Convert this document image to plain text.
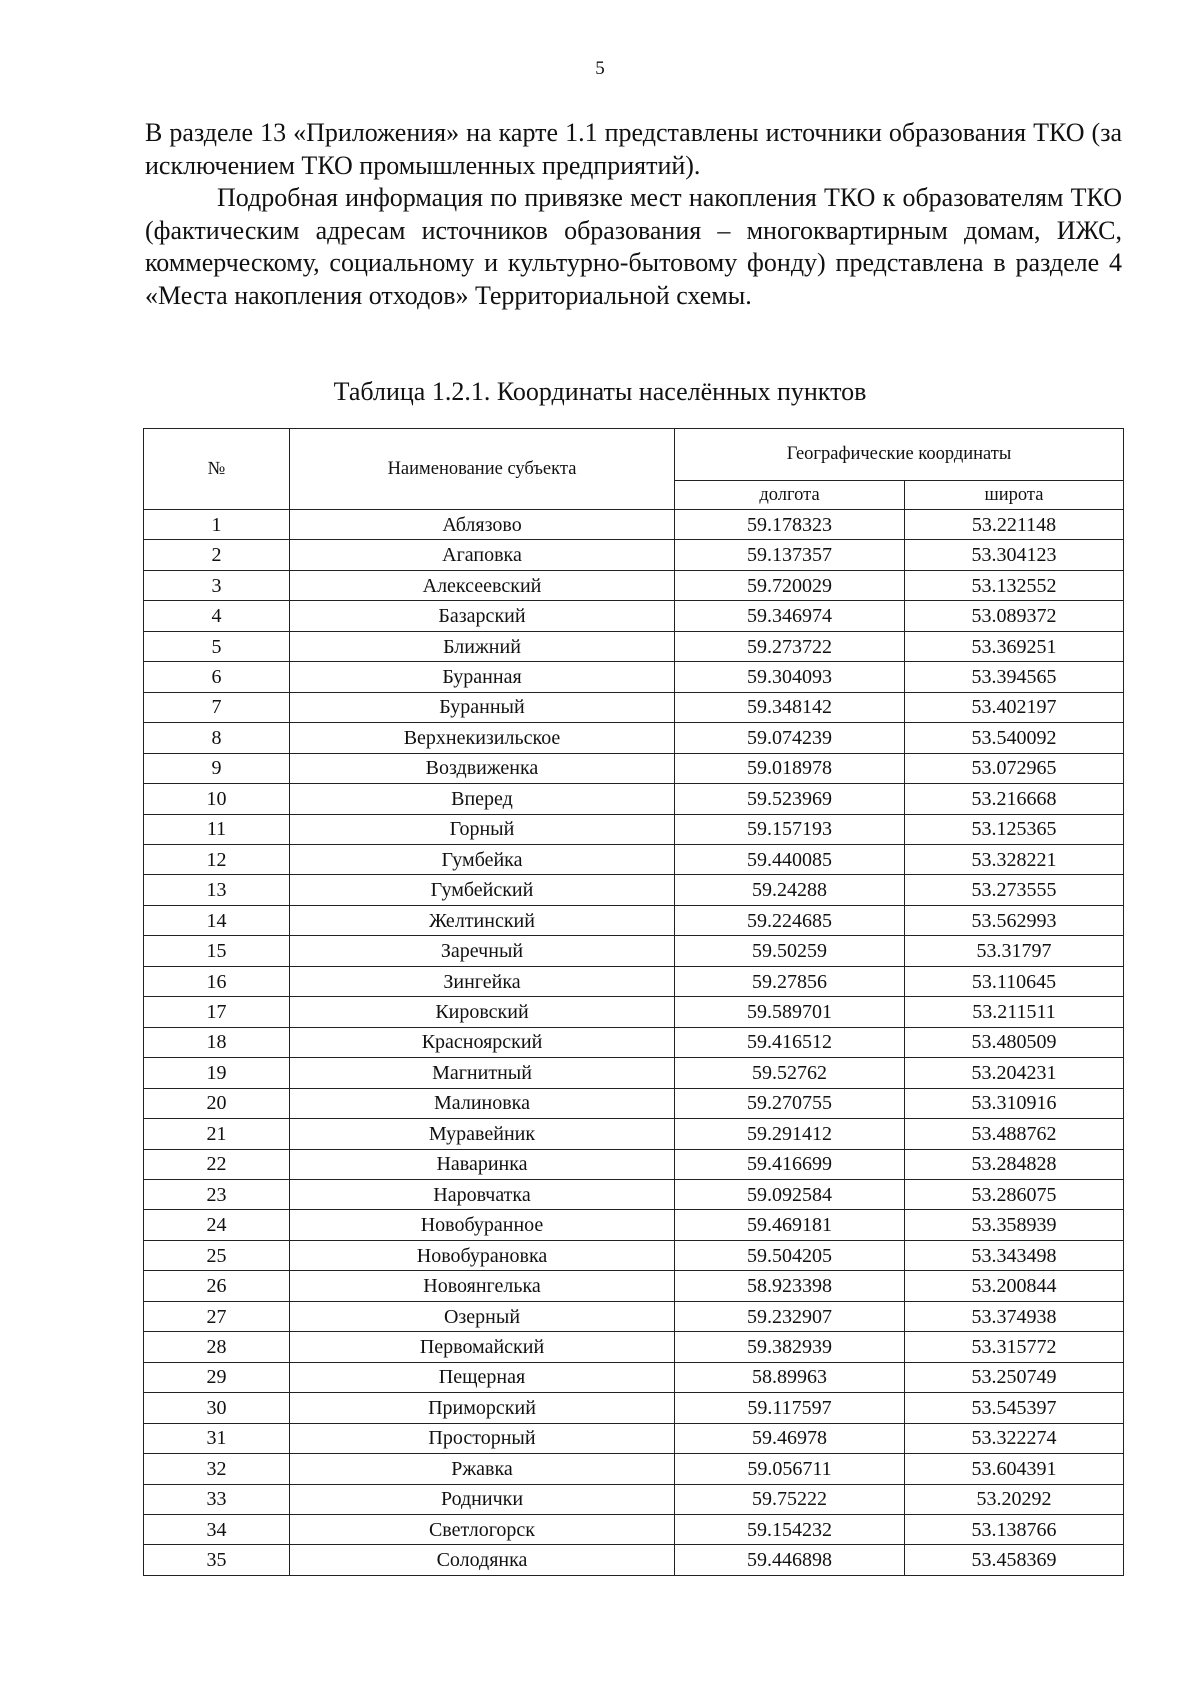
5

В разделе 13 «Приложения» на карте 1.1 представлены источники образования ТКО (за исключением ТКО промышленных предприятий).

Подробная информация по привязке мест накопления ТКО к образователям ТКО (фактическим адресам источников образования – многоквартирным домам, ИЖС, коммерческому, социальному и культурно-бытовому фонду) представлена в разделе 4 «Места накопления отходов» Территориальной схемы.

Таблица 1.2.1. Координаты населённых пунктов
№	Наименование субъекта	Географические координаты	
		долгота	широта
1	Аблязово	59.178323	53.221148
2	Агаповка	59.137357	53.304123
3	Алексеевский	59.720029	53.132552
4	Базарский	59.346974	53.089372
5	Ближний	59.273722	53.369251
6	Буранная	59.304093	53.394565
7	Буранный	59.348142	53.402197
8	Верхнекизильское	59.074239	53.540092
9	Воздвиженка	59.018978	53.072965
10	Вперед	59.523969	53.216668
11	Горный	59.157193	53.125365
12	Гумбейка	59.440085	53.328221
13	Гумбейский	59.24288	53.273555
14	Желтинский	59.224685	53.562993
15	Заречный	59.50259	53.31797
16	Зингейка	59.27856	53.110645
17	Кировский	59.589701	53.211511
18	Красноярский	59.416512	53.480509
19	Магнитный	59.52762	53.204231
20	Малиновка	59.270755	53.310916
21	Муравейник	59.291412	53.488762
22	Наваринка	59.416699	53.284828
23	Наровчатка	59.092584	53.286075
24	Новобуранное	59.469181	53.358939
25	Новобурановка	59.504205	53.343498
26	Новоянгелька	58.923398	53.200844
27	Озерный	59.232907	53.374938
28	Первомайский	59.382939	53.315772
29	Пещерная	58.89963	53.250749
30	Приморский	59.117597	53.545397
31	Просторный	59.46978	53.322274
32	Ржавка	59.056711	53.604391
33	Роднички	59.75222	53.20292
34	Светлогорск	59.154232	53.138766
35	Солодянка	59.446898	53.458369
